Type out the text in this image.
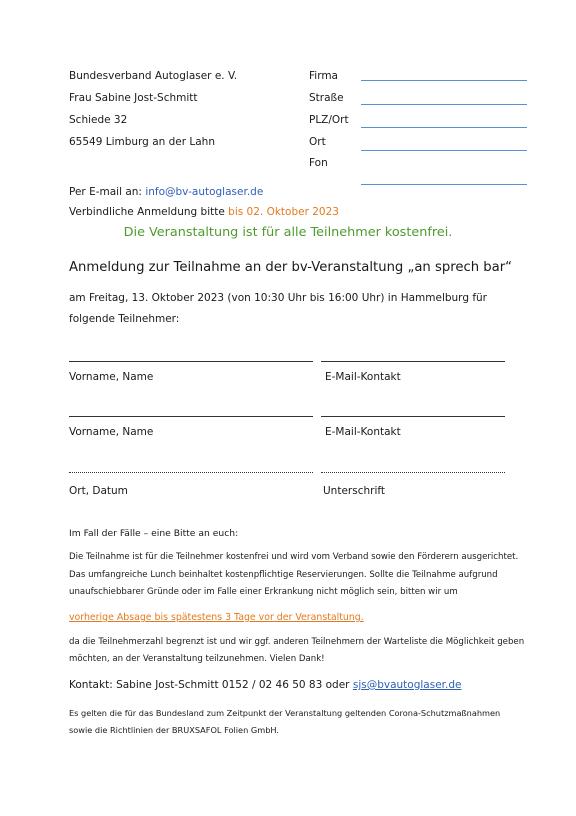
Bundesverband Autoglaser e. V.
Frau Sabine Jost-Schmitt
Schiede 32
65549 Limburg an der Lahn
Firma
Straße
PLZ/Ort
Ort
Fon
Per E-mail an: info@bv-autoglaser.de
Verbindliche Anmeldung bitte bis 02. Oktober 2023
Die Veranstaltung ist für alle Teilnehmer kostenfrei.
Anmeldung zur Teilnahme an der bv-Veranstaltung „an sprech bar“
am Freitag, 13. Oktober 2023 (von 10:30 Uhr bis 16:00 Uhr) in Hammelburg für
folgende Teilnehmer:
Vorname, Name	E-Mail-Kontakt
Vorname, Name	E-Mail-Kontakt
Ort, Datum	Unterschrift
Im Fall der Fälle – eine Bitte an euch:
Die Teilnahme ist für die Teilnehmer kostenfrei und wird vom Verband sowie den Förderern ausgerichtet.
Das umfangreiche Lunch beinhaltet kostenpflichtige Reservierungen. Sollte die Teilnahme aufgrund
unaufschiebbarer Gründe oder im Falle einer Erkrankung nicht möglich sein, bitten wir um
vorherige Absage bis spätestens 3 Tage vor der Veranstaltung.
da die Teilnehmerzahl begrenzt ist und wir ggf. anderen Teilnehmern der Warteliste die Möglichkeit geben
möchten, an der Veranstaltung teilzunehmen. Vielen Dank!
Kontakt: Sabine Jost-Schmitt 0152 / 02 46 50 83 oder sjs@bvautoglaser.de
Es gelten die für das Bundesland zum Zeitpunkt der Veranstaltung geltenden Corona-Schutzmaßnahmen
sowie die Richtlinien der BRUXSAFOL Folien GmbH.
